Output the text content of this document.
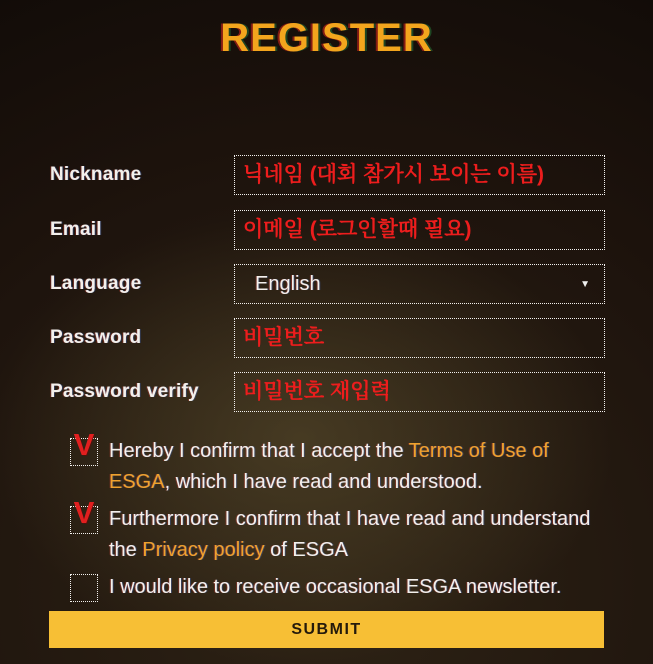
REGISTER
Nickname
닉네임 (대회 참가시 보이는 이름)
Email
이메일 (로그인할때 필요)
Language	English	▼
Password
비밀번호
Password verify
비밀번호 재입력
V Hereby I confirm that I accept the Terms of Use of ESGA, which I have read and understood.
V Furthermore I confirm that I have read and understand the Privacy policy of ESGA
I would like to receive occasional ESGA newsletter.
SUBMIT
